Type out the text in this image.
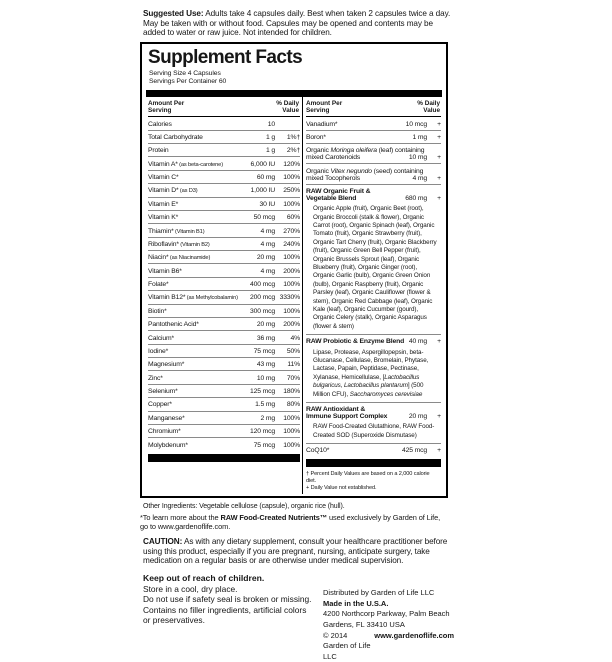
Suggested Use: Adults take 4 capsules daily. Best when taken 2 capsules twice a day. May be taken with or without food. Capsules may be opened and contents may be added to water or raw juice. Not intended for children.

Supplement Facts
Serving Size 4 Capsules
Servings Per Container 60
Amount Per
Serving
% Daily
Value
Calories	10
Total Carbohydrate	1 g	1%†
Protein	1 g	2%†
Vitamin A* (as beta-carotene)	6,000 IU	120%
Vitamin C*	60 mg	100%
Vitamin D* (as D3)	1,000 IU	250%
Vitamin E*	30 IU	100%
Vitamin K*	50 mcg	60%
Thiamin* (Vitamin B1)	4 mg	270%
Riboflavin* (Vitamin B2)	4 mg	240%
Niacin* (as Niacinamide)	20 mg	100%
Vitamin B6*	4 mg	200%
Folate*	400 mcg	100%
Vitamin B12* (as Methylcobalamin)	200 mcg 3330%
Biotin*	300 mcg	100%
Pantothenic Acid*	20 mg	200%
Calcium*	36 mg	4%
Iodine*	75 mcg	50%
Magnesium*	43 mg	11%
Zinc*	10 mg	70%
Selenium*	125 mcg	180%
Copper*	1.5 mg	80%
Manganese*	2 mg	100%
Chromium*	120 mcg	100%
Molybdenum*	75 mcg	100%
Amount Per
Serving
% Daily
Value
Vanadium*	10 mcg	+
Boron*	1 mg	+
Organic Moringa oleifera (leaf) containing
mixed Carotenoids	10 mg	+
Organic Vitex negundo (seed) containing
mixed Tocopherols	4 mg	+
RAW Organic Fruit &
Vegetable Blend	680 mg	+
Organic Apple (fruit), Organic Beet (root), Organic Broccoli (stalk & flower), Organic Carrot (root), Organic Spinach (leaf), Organic Tomato (fruit), Organic Strawberry (fruit), Organic Tart Cherry (fruit), Organic Blackberry (fruit), Organic Green Bell Pepper (fruit), Organic Brussels Sprout (leaf), Organic Blueberry (fruit), Organic Ginger (root), Organic Garlic (bulb), Organic Green Onion (bulb), Organic Raspberry (fruit), Organic Parsley (leaf), Organic Cauliflower (flower & stem), Organic Red Cabbage (leaf), Organic Kale (leaf), Organic Cucumber (gourd), Organic Celery (stalk), Organic Asparagus (flower & stem)
RAW Probiotic & Enzyme Blend 40 mg	+
Lipase, Protease, Aspergillopepsin, beta-Glucanase, Cellulase, Bromelain, Phytase, Lactase, Papain, Peptidase, Pectinase, Xylanase, Hemicellulase, [Lactobacillus bulgaricus, Lactobacillus plantarum] (500 Million CFU), Saccharomyces cerevisiae
RAW Antioxidant &
Immune Support Complex	20 mg	+
RAW Food-Created Glutathione, RAW Food-Created SOD (Superoxide Dismutase)
CoQ10*	425 mcg	+
† Percent Daily Values are based on a 2,000 calorie diet.
+ Daily Value not established.

Other Ingredients: Vegetable cellulose (capsule), organic rice (hull).

*To learn more about the RAW Food-Created Nutrients™ used exclusively by Garden of Life, go to www.gardenoflife.com.

CAUTION: As with any dietary supplement, consult your healthcare practitioner before using this product, especially if you are pregnant, nursing, anticipate surgery, take medication on a regular basis or are otherwise under medical supervision.

Keep out of reach of children.

Store in a cool, dry place.
Do not use if safety seal is broken or missing. Contains no filler ingredients, artificial colors or preservatives.
Distributed by Garden of Life LLC Made in the U.S.A.
4200 Northcorp Parkway, Palm Beach Gardens, FL 33410 USA
© 2014 Garden of Life LLC
www.gardenoflife.com
